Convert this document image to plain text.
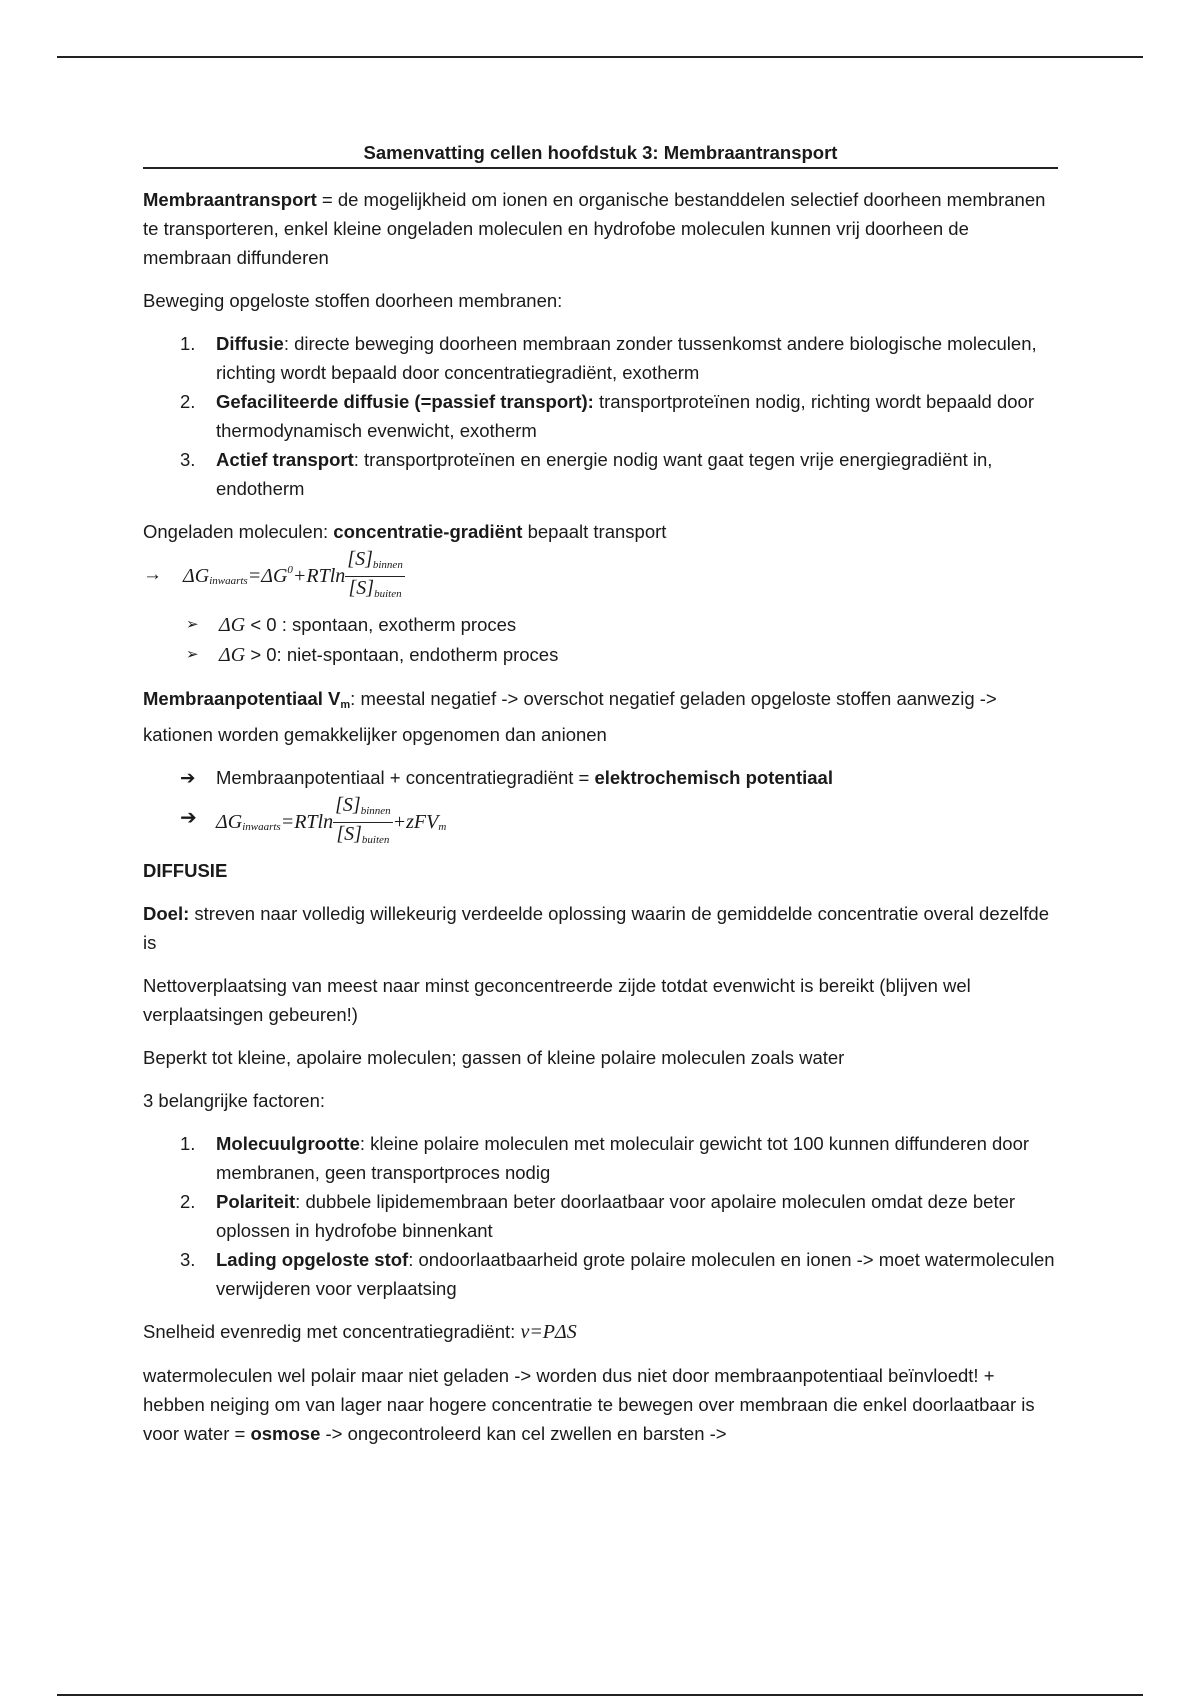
Samenvatting cellen hoofdstuk 3: Membraantransport

Membraantransport = de mogelijkheid om ionen en organische bestanddelen selectief doorheen membranen te transporteren, enkel kleine ongeladen moleculen en hydrofobe moleculen kunnen vrij doorheen de membraan diffunderen

Beweging opgeloste stoffen doorheen membranen:

1. Diffusie: directe beweging doorheen membraan zonder tussenkomst andere biologische moleculen, richting wordt bepaald door concentratiegradiënt, exotherm
2. Gefaciliteerde diffusie (=passief transport): transportproteïnen nodig, richting wordt bepaald door thermodynamisch evenwicht, exotherm
3. Actief transport: transportproteïnen en energie nodig want gaat tegen vrije energiegradiënt in, endotherm

Ongeladen moleculen: concentratie-gradiënt bepaalt transport

→ $\Delta G_{inwaarts}=\Delta G^0+RTln \frac{[S]_{binnen}}{[S]_{buiten}}$
➢ ΔG < 0 : spontaan, exotherm proces
➢ ΔG > 0: niet-spontaan, endotherm proces

Membraanpotentiaal $V_m$: meestal negatief -> overschot negatief geladen opgeloste stoffen aanwezig -> kationen worden gemakkelijker opgenomen dan anionen

➔ Membraanpotentiaal + concentratiegradiënt = elektrochemisch potentiaal
➔ $\Delta G_{inwaarts}=RTln \frac{[S]_{binnen}}{[S]_{buiten}} +zFV_m$
DIFFUSIE

Doel: streven naar volledig willekeurig verdeelde oplossing waarin de gemiddelde concentratie overal dezelfde is

Nettoverplaatsing van meest naar minst geconcentreerde zijde totdat evenwicht is bereikt (blijven wel verplaatsingen gebeuren!)

Beperkt tot kleine, apolaire moleculen; gassen of kleine polaire moleculen zoals water

3 belangrijke factoren:

1. Molecuulgrootte: kleine polaire moleculen met moleculair gewicht tot 100 kunnen diffunderen door membranen, geen transportproces nodig
2. Polariteit: dubbele lipidemembraan beter doorlaatbaar voor apolaire moleculen omdat deze beter oplossen in hydrofobe binnenkant
3. Lading opgeloste stof: ondoorlaatbaarheid grote polaire moleculen en ionen -> moet watermoleculen verwijderen voor verplaatsing

Snelheid evenredig met concentratiegradiënt: v=PΔS

watermoleculen wel polair maar niet geladen -> worden dus niet door membraanpotentiaal beïnvloedt! + hebben neiging om van lager naar hogere concentratie te bewegen over membraan die enkel doorlaatbaar is voor water = osmose -> ongecontroleerd kan cel zwellen en barsten ->
